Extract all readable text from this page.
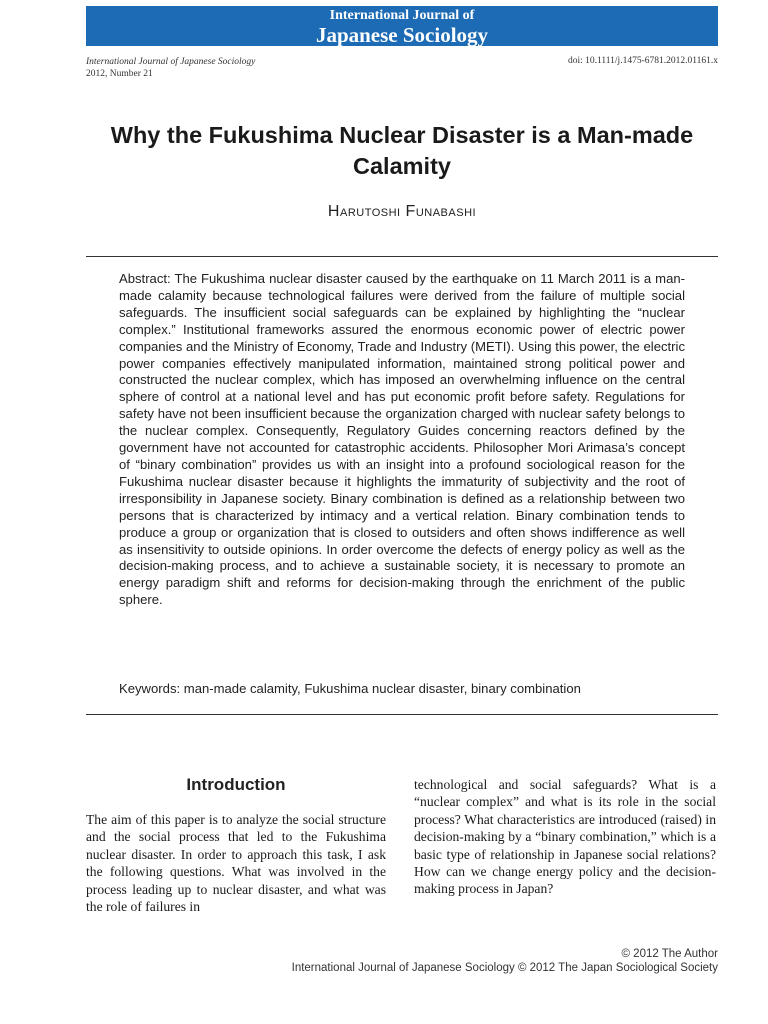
International Journal of
Japanese Sociology
International Journal of Japanese Sociology
2012, Number 21
doi: 10.1111/j.1475-6781.2012.01161.x
Why the Fukushima Nuclear Disaster is a Man-made Calamity
Harutoshi Funabashi

Abstract: The Fukushima nuclear disaster caused by the earthquake on 11 March 2011 is a man-made calamity because technological failures were derived from the failure of multiple social safeguards. The insufficient social safeguards can be explained by highlighting the “nuclear complex.” Institutional frameworks assured the enormous economic power of electric power companies and the Ministry of Economy, Trade and Industry (METI). Using this power, the electric power companies effectively manipulated information, maintained strong political power and constructed the nuclear complex, which has imposed an overwhelming influence on the central sphere of control at a national level and has put economic profit before safety. Regulations for safety have not been insufficient because the organization charged with nuclear safety belongs to the nuclear complex. Consequently, Regulatory Guides concerning reactors defined by the government have not accounted for catastrophic accidents. Philosopher Mori Arimasa’s concept of “binary combination” provides us with an insight into a profound sociological reason for the Fukushima nuclear disaster because it highlights the immaturity of subjectivity and the root of irresponsibility in Japanese society. Binary combination is defined as a relationship between two persons that is characterized by intimacy and a vertical relation. Binary combination tends to produce a group or organization that is closed to outsiders and often shows indifference as well as insensitivity to outside opinions. In order overcome the defects of energy policy as well as the decision-making process, and to achieve a sustainable society, it is necessary to promote an energy paradigm shift and reforms for decision-making through the enrichment of the public sphere.

Keywords: man-made calamity, Fukushima nuclear disaster, binary combination
Introduction

The aim of this paper is to analyze the social structure and the social process that led to the Fukushima nuclear disaster. In order to approach this task, I ask the following questions. What was involved in the process leading up to nuclear disaster, and what was the role of failures in

technological and social safeguards? What is a “nuclear complex” and what is its role in the social process? What characteristics are introduced (raised) in decision-making by a “binary combination,” which is a basic type of relationship in Japanese social relations? How can we change energy policy and the decision-making process in Japan?

© 2012 The Author
International Journal of Japanese Sociology © 2012 The Japan Sociological Society
